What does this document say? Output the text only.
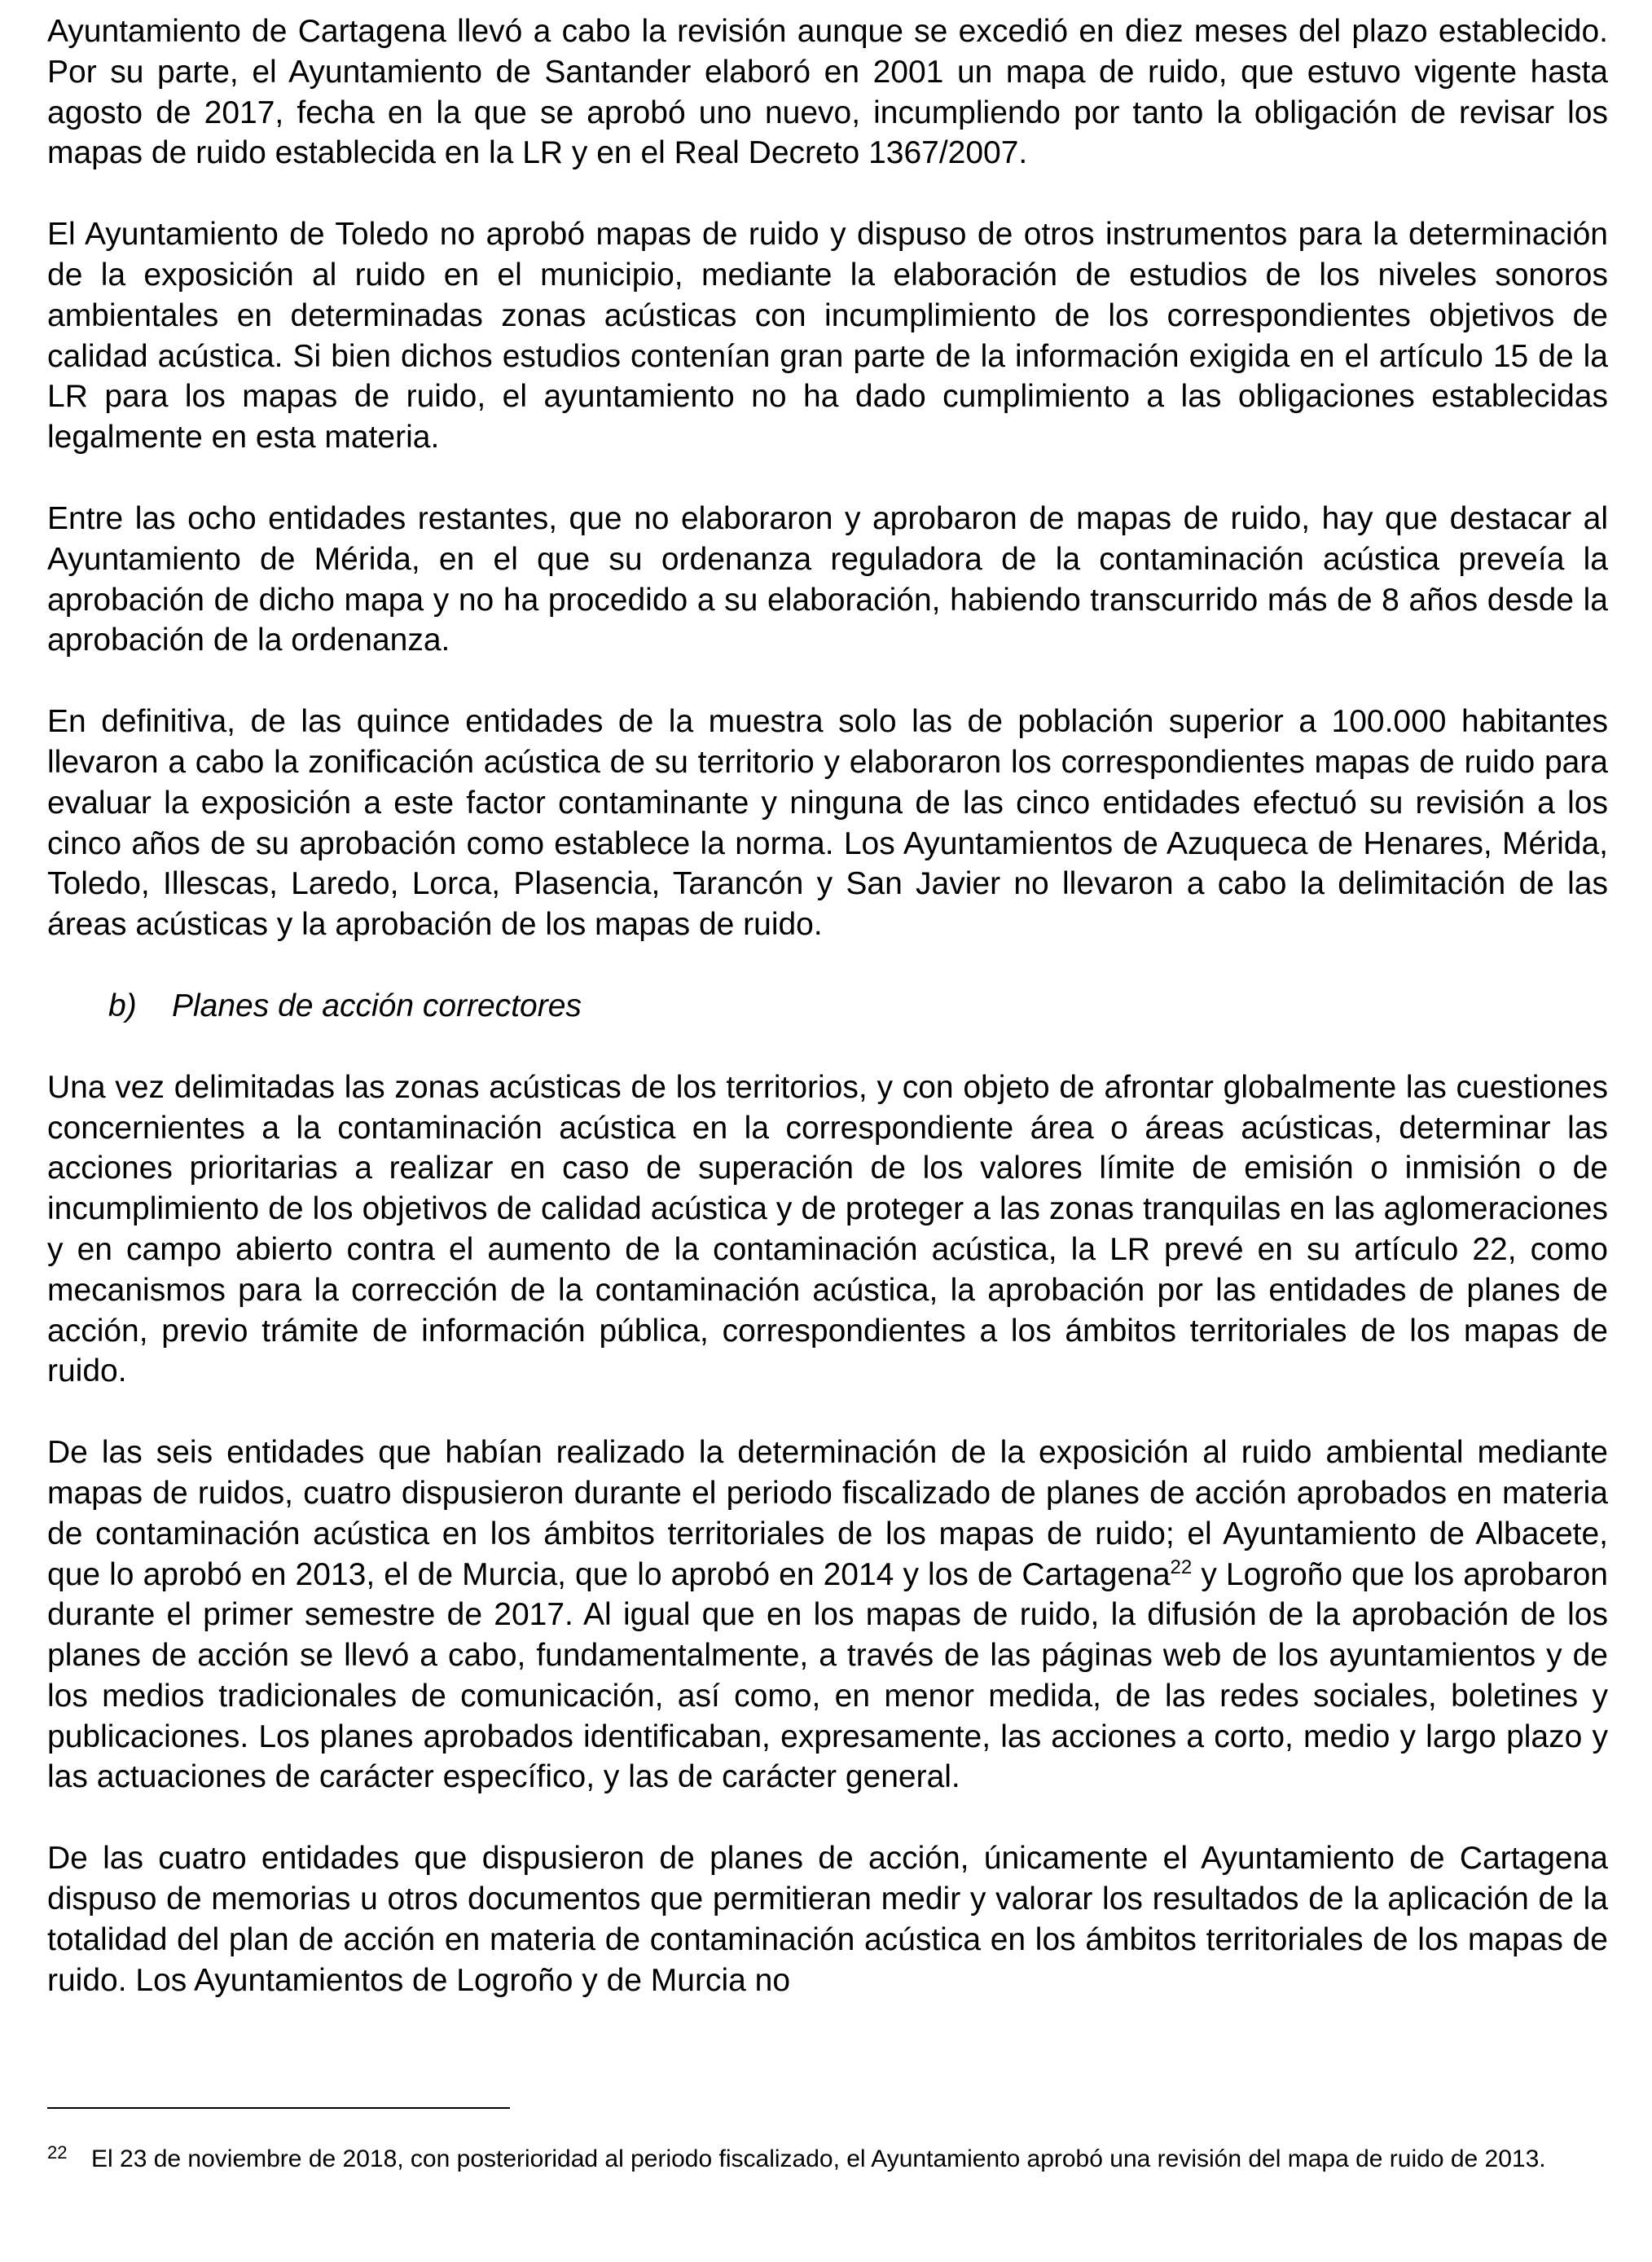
Ayuntamiento de Cartagena llevó a cabo la revisión aunque se excedió en diez meses del plazo establecido. Por su parte, el Ayuntamiento de Santander elaboró en 2001 un mapa de ruido, que estuvo vigente hasta agosto de 2017, fecha en la que se aprobó uno nuevo, incumpliendo por tanto la obligación de revisar los mapas de ruido establecida en la LR y en el Real Decreto 1367/2007.

El Ayuntamiento de Toledo no aprobó mapas de ruido y dispuso de otros instrumentos para la determinación de la exposición al ruido en el municipio, mediante la elaboración de estudios de los niveles sonoros ambientales en determinadas zonas acústicas con incumplimiento de los correspondientes objetivos de calidad acústica. Si bien dichos estudios contenían gran parte de la información exigida en el artículo 15 de la LR para los mapas de ruido, el ayuntamiento no ha dado cumplimiento a las obligaciones establecidas legalmente en esta materia.

Entre las ocho entidades restantes, que no elaboraron y aprobaron de mapas de ruido, hay que destacar al Ayuntamiento de Mérida, en el que su ordenanza reguladora de la contaminación acústica preveía la aprobación de dicho mapa y no ha procedido a su elaboración, habiendo transcurrido más de 8 años desde la aprobación de la ordenanza.

En definitiva, de las quince entidades de la muestra solo las de población superior a 100.000 habitantes llevaron a cabo la zonificación acústica de su territorio y elaboraron los correspondientes mapas de ruido para evaluar la exposición a este factor contaminante y ninguna de las cinco entidades efectuó su revisión a los cinco años de su aprobación como establece la norma. Los Ayuntamientos de Azuqueca de Henares, Mérida, Toledo, Illescas, Laredo, Lorca, Plasencia, Tarancón y San Javier no llevaron a cabo la delimitación de las áreas acústicas y la aprobación de los mapas de ruido.

b) Planes de acción correctores

Una vez delimitadas las zonas acústicas de los territorios, y con objeto de afrontar globalmente las cuestiones concernientes a la contaminación acústica en la correspondiente área o áreas acústicas, determinar las acciones prioritarias a realizar en caso de superación de los valores límite de emisión o inmisión o de incumplimiento de los objetivos de calidad acústica y de proteger a las zonas tranquilas en las aglomeraciones y en campo abierto contra el aumento de la contaminación acústica, la LR prevé en su artículo 22, como mecanismos para la corrección de la contaminación acústica, la aprobación por las entidades de planes de acción, previo trámite de información pública, correspondientes a los ámbitos territoriales de los mapas de ruido.

De las seis entidades que habían realizado la determinación de la exposición al ruido ambiental mediante mapas de ruidos, cuatro dispusieron durante el periodo fiscalizado de planes de acción aprobados en materia de contaminación acústica en los ámbitos territoriales de los mapas de ruido; el Ayuntamiento de Albacete, que lo aprobó en 2013, el de Murcia, que lo aprobó en 2014 y los de Cartagena$^{22}$ y Logroño que los aprobaron durante el primer semestre de 2017. Al igual que en los mapas de ruido, la difusión de la aprobación de los planes de acción se llevó a cabo, fundamentalmente, a través de las páginas web de los ayuntamientos y de los medios tradicionales de comunicación, así como, en menor medida, de las redes sociales, boletines y publicaciones. Los planes aprobados identificaban, expresamente, las acciones a corto, medio y largo plazo y las actuaciones de carácter específico, y las de carácter general.

De las cuatro entidades que dispusieron de planes de acción, únicamente el Ayuntamiento de Cartagena dispuso de memorias u otros documentos que permitieran medir y valorar los resultados de la aplicación de la totalidad del plan de acción en materia de contaminación acústica en los ámbitos territoriales de los mapas de ruido. Los Ayuntamientos de Logroño y de Murcia no

22 El 23 de noviembre de 2018, con posterioridad al periodo fiscalizado, el Ayuntamiento aprobó una revisión del mapa de ruido de 2013.
